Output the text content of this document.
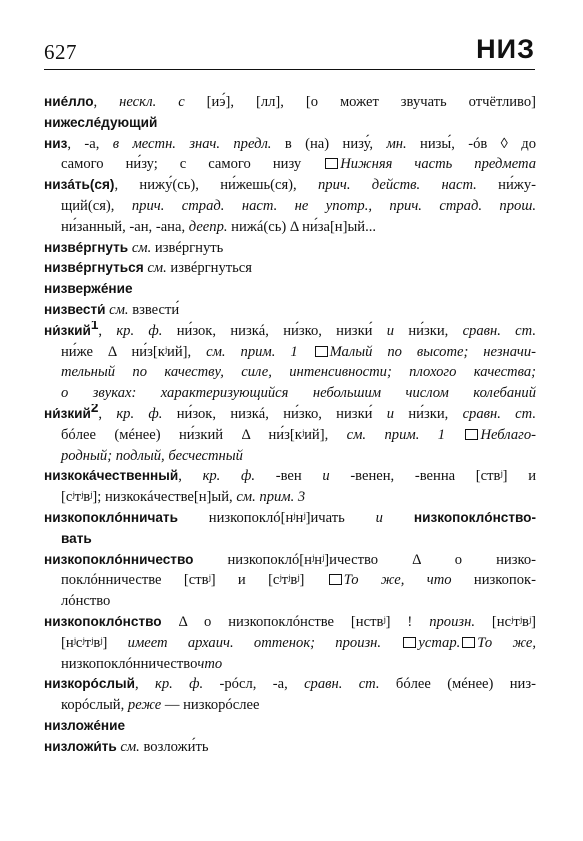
627	НИЗ
ниéлло, нескл. с [иэ́], [лл], [о может звучать отчётливо]
нижеслéдующий
низ, -а, в местн. знач. предл. в (на) низу́, мн. низы́, -óв ◊ до
самого ни́зу; с самого низу Нижняя часть предмета
низáть(ся), нижу́(сь), ни́жешь(ся), прич. действ. наст. ни́жу-
щий(ся), прич. страд. наст. не употр., прич. страд. прош.
ни́занный, -ан, -ана, деепр. нижá(сь) Δ ни́за[н]ый...
низвéргнуть см. извéргнуть
низвéргнуться см. извéргнуться
низвержéние
низвести́ см. взвести́
ни́зкий$^1$, кр. ф. ни́зок, низкá, ни́зко, низки́ и ни́зки, сравн. ст.
ни́же Δ ни́з[кʲий], см. прим. 1 Малый по высоте; незначи-
тельный по качеству, силе, интенсивности; плохого качества;
о звуках: характеризующийся небольшим числом колебаний
ни́зкий$^2$, кр. ф. ни́зок, низкá, ни́зко, низки́ и ни́зки, сравн. ст.
бóлее (мéнее) ни́зкий Δ ни́з[кʲий], см. прим. 1 Неблаго-
родный; подлый, бесчестный
низкокáчественный, кр. ф. -вен и -венен, -венна [ствʲ] и
[сʲтʲвʲ]; низкокáчестве[н]ый, см. прим. 3
низкопоклóнничать низкопоклó[нʲнʲ]ичать и низкопоклóнство-
вать
низкопоклóнничество низкопоклó[нʲнʲ]ичество Δ о низко-
поклóнничестве [ствʲ] и [сʲтʲвʲ] То же, что низкопок-
лóнство
низкопоклóнство Δ о низкопоклóнстве [нствʲ] ! произн. [нсʲтʲвʲ]
[нʲсʲтʲвʲ] имеет архаич. оттенок; произн.	устар. То же,
низкопоклóнничествочто
низкорóслый, кр. ф. -рóсл, -а, сравн. ст. бóлее (мéнее) низ-
корóслый, реже — низкорóслее
низложéние
низложи́ть см. возложи́ть
